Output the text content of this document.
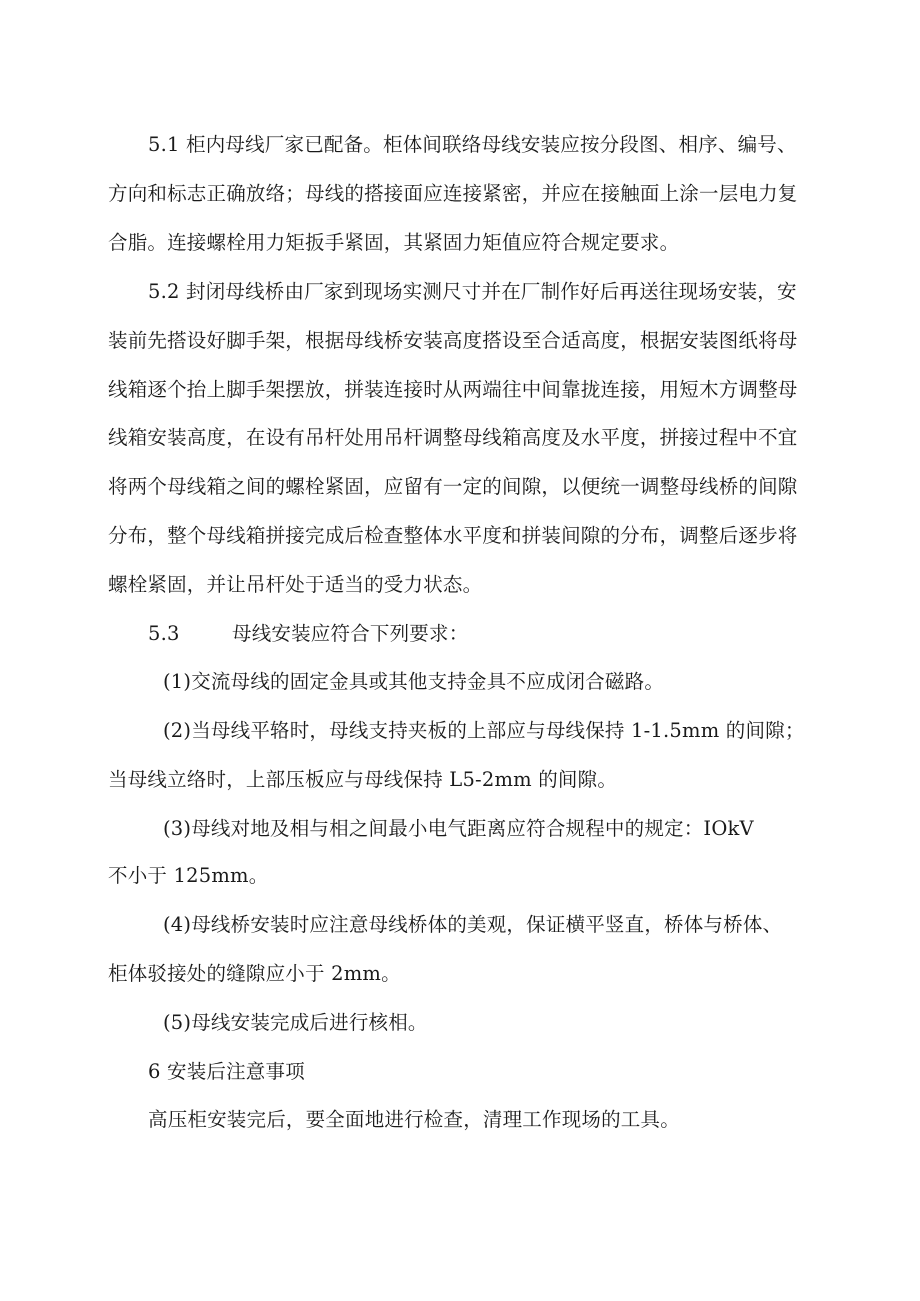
5.1 柜内母线厂家已配备。柜体间联络母线安装应按分段图、相序、编号、
方向和标志正确放络；母线的搭接面应连接紧密，并应在接触面上涂一层电力复
合脂。连接螺栓用力矩扳手紧固，其紧固力矩值应符合规定要求。
5.2 封闭母线桥由厂家到现场实测尺寸并在厂制作好后再送往现场安装，安
装前先搭设好脚手架，根据母线桥安装高度搭设至合适高度，根据安装图纸将母
线箱逐个抬上脚手架摆放，拼装连接时从两端往中间靠拢连接，用短木方调整母
线箱安装高度，在设有吊杆处用吊杆调整母线箱高度及水平度，拼接过程中不宜
将两个母线箱之间的螺栓紧固，应留有一定的间隙，以便统一调整母线桥的间隙
分布，整个母线箱拼接完成后检查整体水平度和拼装间隙的分布，调整后逐步将
螺栓紧固，并让吊杆处于适当的受力状态。
5.3	母线安装应符合下列要求：
(1)交流母线的固定金具或其他支持金具不应成闭合磁路。
(2)当母线平辂时，母线支持夹板的上部应与母线保持 1-1.5mm 的间隙；
当母线立络时，上部压板应与母线保持 L5-2mm 的间隙。
(3)母线对地及相与相之间最小电气距离应符合规程中的规定：IOkV
不小于 125mm。
(4)母线桥安装时应注意母线桥体的美观，保证横平竖直，桥体与桥体、
柜体驳接处的缝隙应小于 2mm。
(5)母线安装完成后进行核相。
6 安装后注意事项
高压柜安装完后，要全面地进行检查，清理工作现场的工具。
